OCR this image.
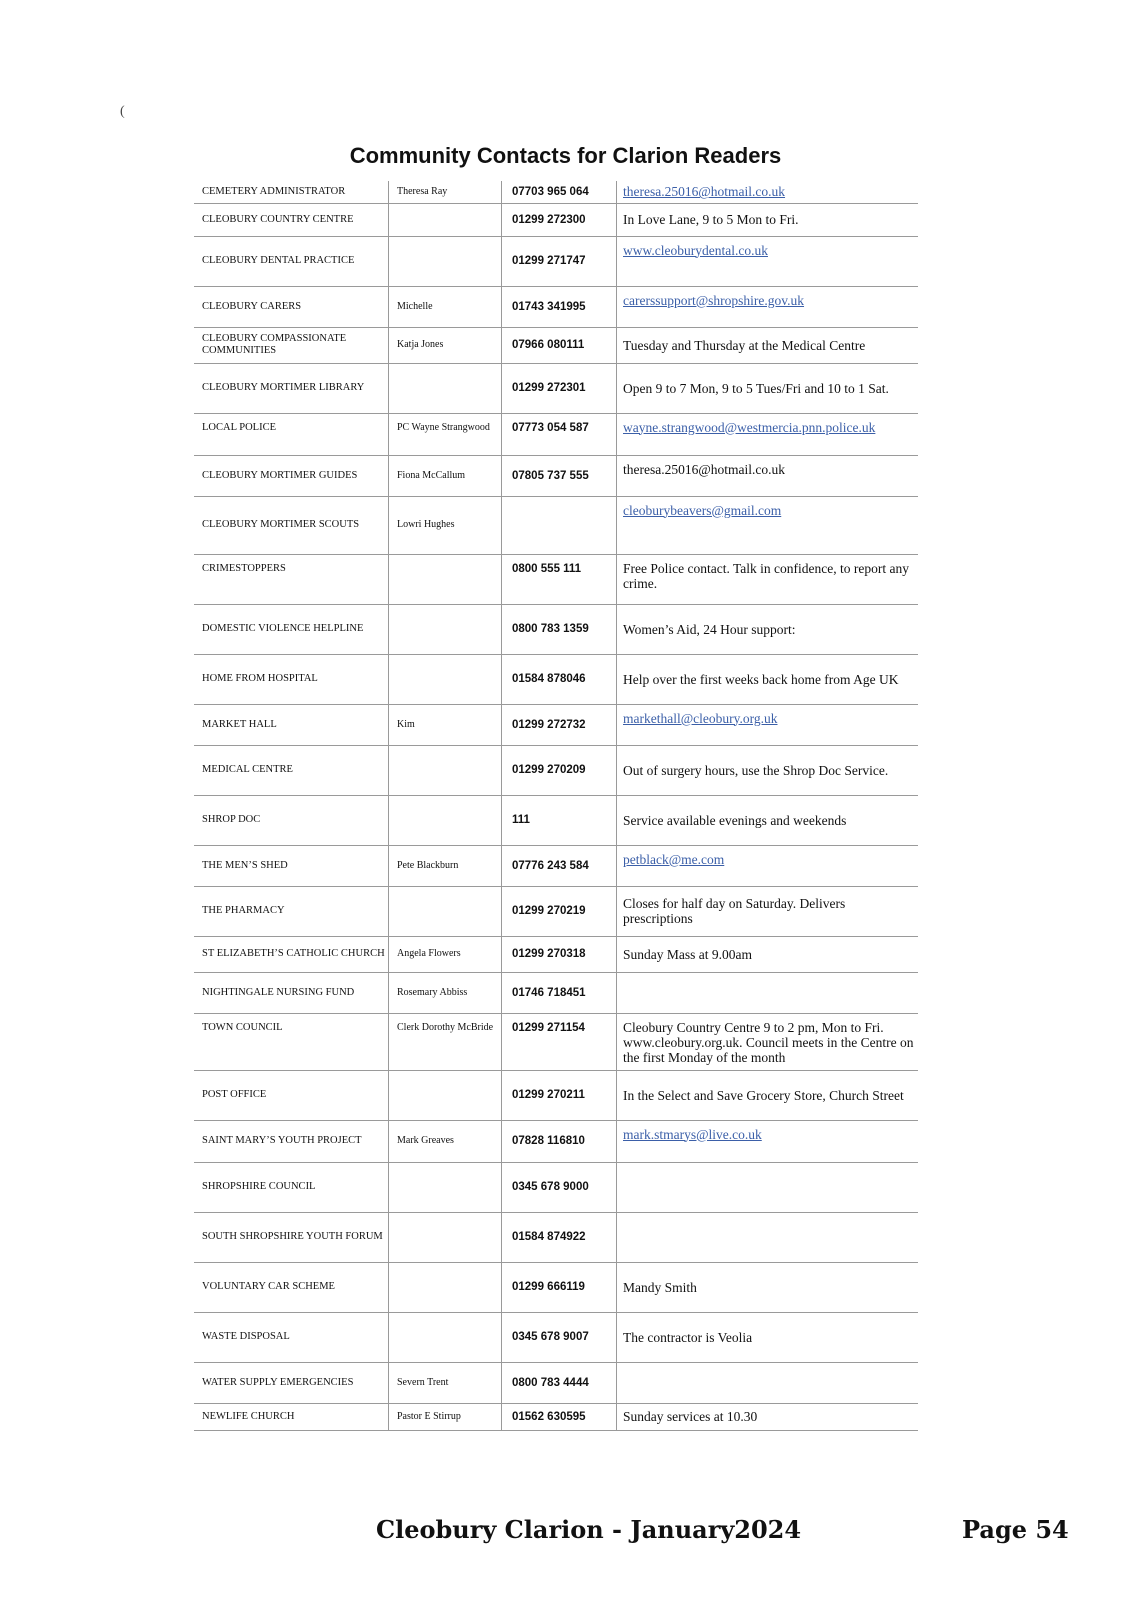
(
Community Contacts for Clarion Readers
CEMETERY ADMINISTRATOR	Theresa Ray	07703 965 064	theresa.25016@hotmail.co.uk
CLEOBURY COUNTRY CENTRE		01299 272300	In Love Lane, 9 to 5 Mon to Fri.
CLEOBURY DENTAL PRACTICE		01299 271747	www.cleoburydental.co.uk
CLEOBURY CARERS	Michelle	01743 341995	carerssupport@shropshire.gov.uk
CLEOBURY COMPASSIONATE COMMUNITIES	Katja Jones	07966 080111	Tuesday and Thursday at the Medical Centre
CLEOBURY MORTIMER LIBRARY		01299 272301	Open 9 to 7 Mon, 9 to 5 Tues/Fri and 10 to 1 Sat.
LOCAL POLICE	PC Wayne Strangwood	07773 054 587	wayne.strangwood@westmercia.pnn.police.uk
CLEOBURY MORTIMER GUIDES	Fiona McCallum	07805 737 555	theresa.25016@hotmail.co.uk
CLEOBURY MORTIMER SCOUTS	Lowri Hughes		cleoburybeavers@gmail.com
CRIMESTOPPERS		0800 555 111	Free Police contact. Talk in confidence, to report any crime.
DOMESTIC VIOLENCE HELPLINE		0800 783 1359	Women’s Aid, 24 Hour support:
HOME FROM HOSPITAL		01584 878046	Help over the first weeks back home from Age UK
MARKET HALL	Kim	01299 272732	markethall@cleobury.org.uk
MEDICAL CENTRE		01299 270209	Out of surgery hours, use the Shrop Doc Service.
SHROP DOC		111	Service available evenings and weekends
THE MEN’S SHED	Pete Blackburn	07776 243 584	petblack@me.com
THE PHARMACY		01299 270219	Closes for half day on Saturday. Delivers prescriptions
ST ELIZABETH’S CATHOLIC CHURCH	Angela Flowers	01299 270318	Sunday Mass at 9.00am
NIGHTINGALE NURSING FUND	Rosemary Abbiss	01746 718451	
TOWN COUNCIL	Clerk Dorothy McBride	01299 271154	Cleobury Country Centre 9 to 2 pm, Mon to Fri. www.cleobury.org.uk. Council meets in the Centre on the first Monday of the month
POST OFFICE		01299 270211	In the Select and Save Grocery Store, Church Street
SAINT MARY’S YOUTH PROJECT	Mark Greaves	07828 116810	mark.stmarys@live.co.uk
SHROPSHIRE COUNCIL		0345 678 9000	
SOUTH SHROPSHIRE YOUTH FORUM		01584 874922	
VOLUNTARY CAR SCHEME		01299 666119	Mandy Smith
WASTE DISPOSAL		0345 678 9007	The contractor is Veolia
WATER SUPPLY EMERGENCIES	Severn Trent	0800 783 4444	
NEWLIFE CHURCH	Pastor E Stirrup	01562 630595	Sunday services at 10.30
Cleobury Clarion - January2024	Page 54
